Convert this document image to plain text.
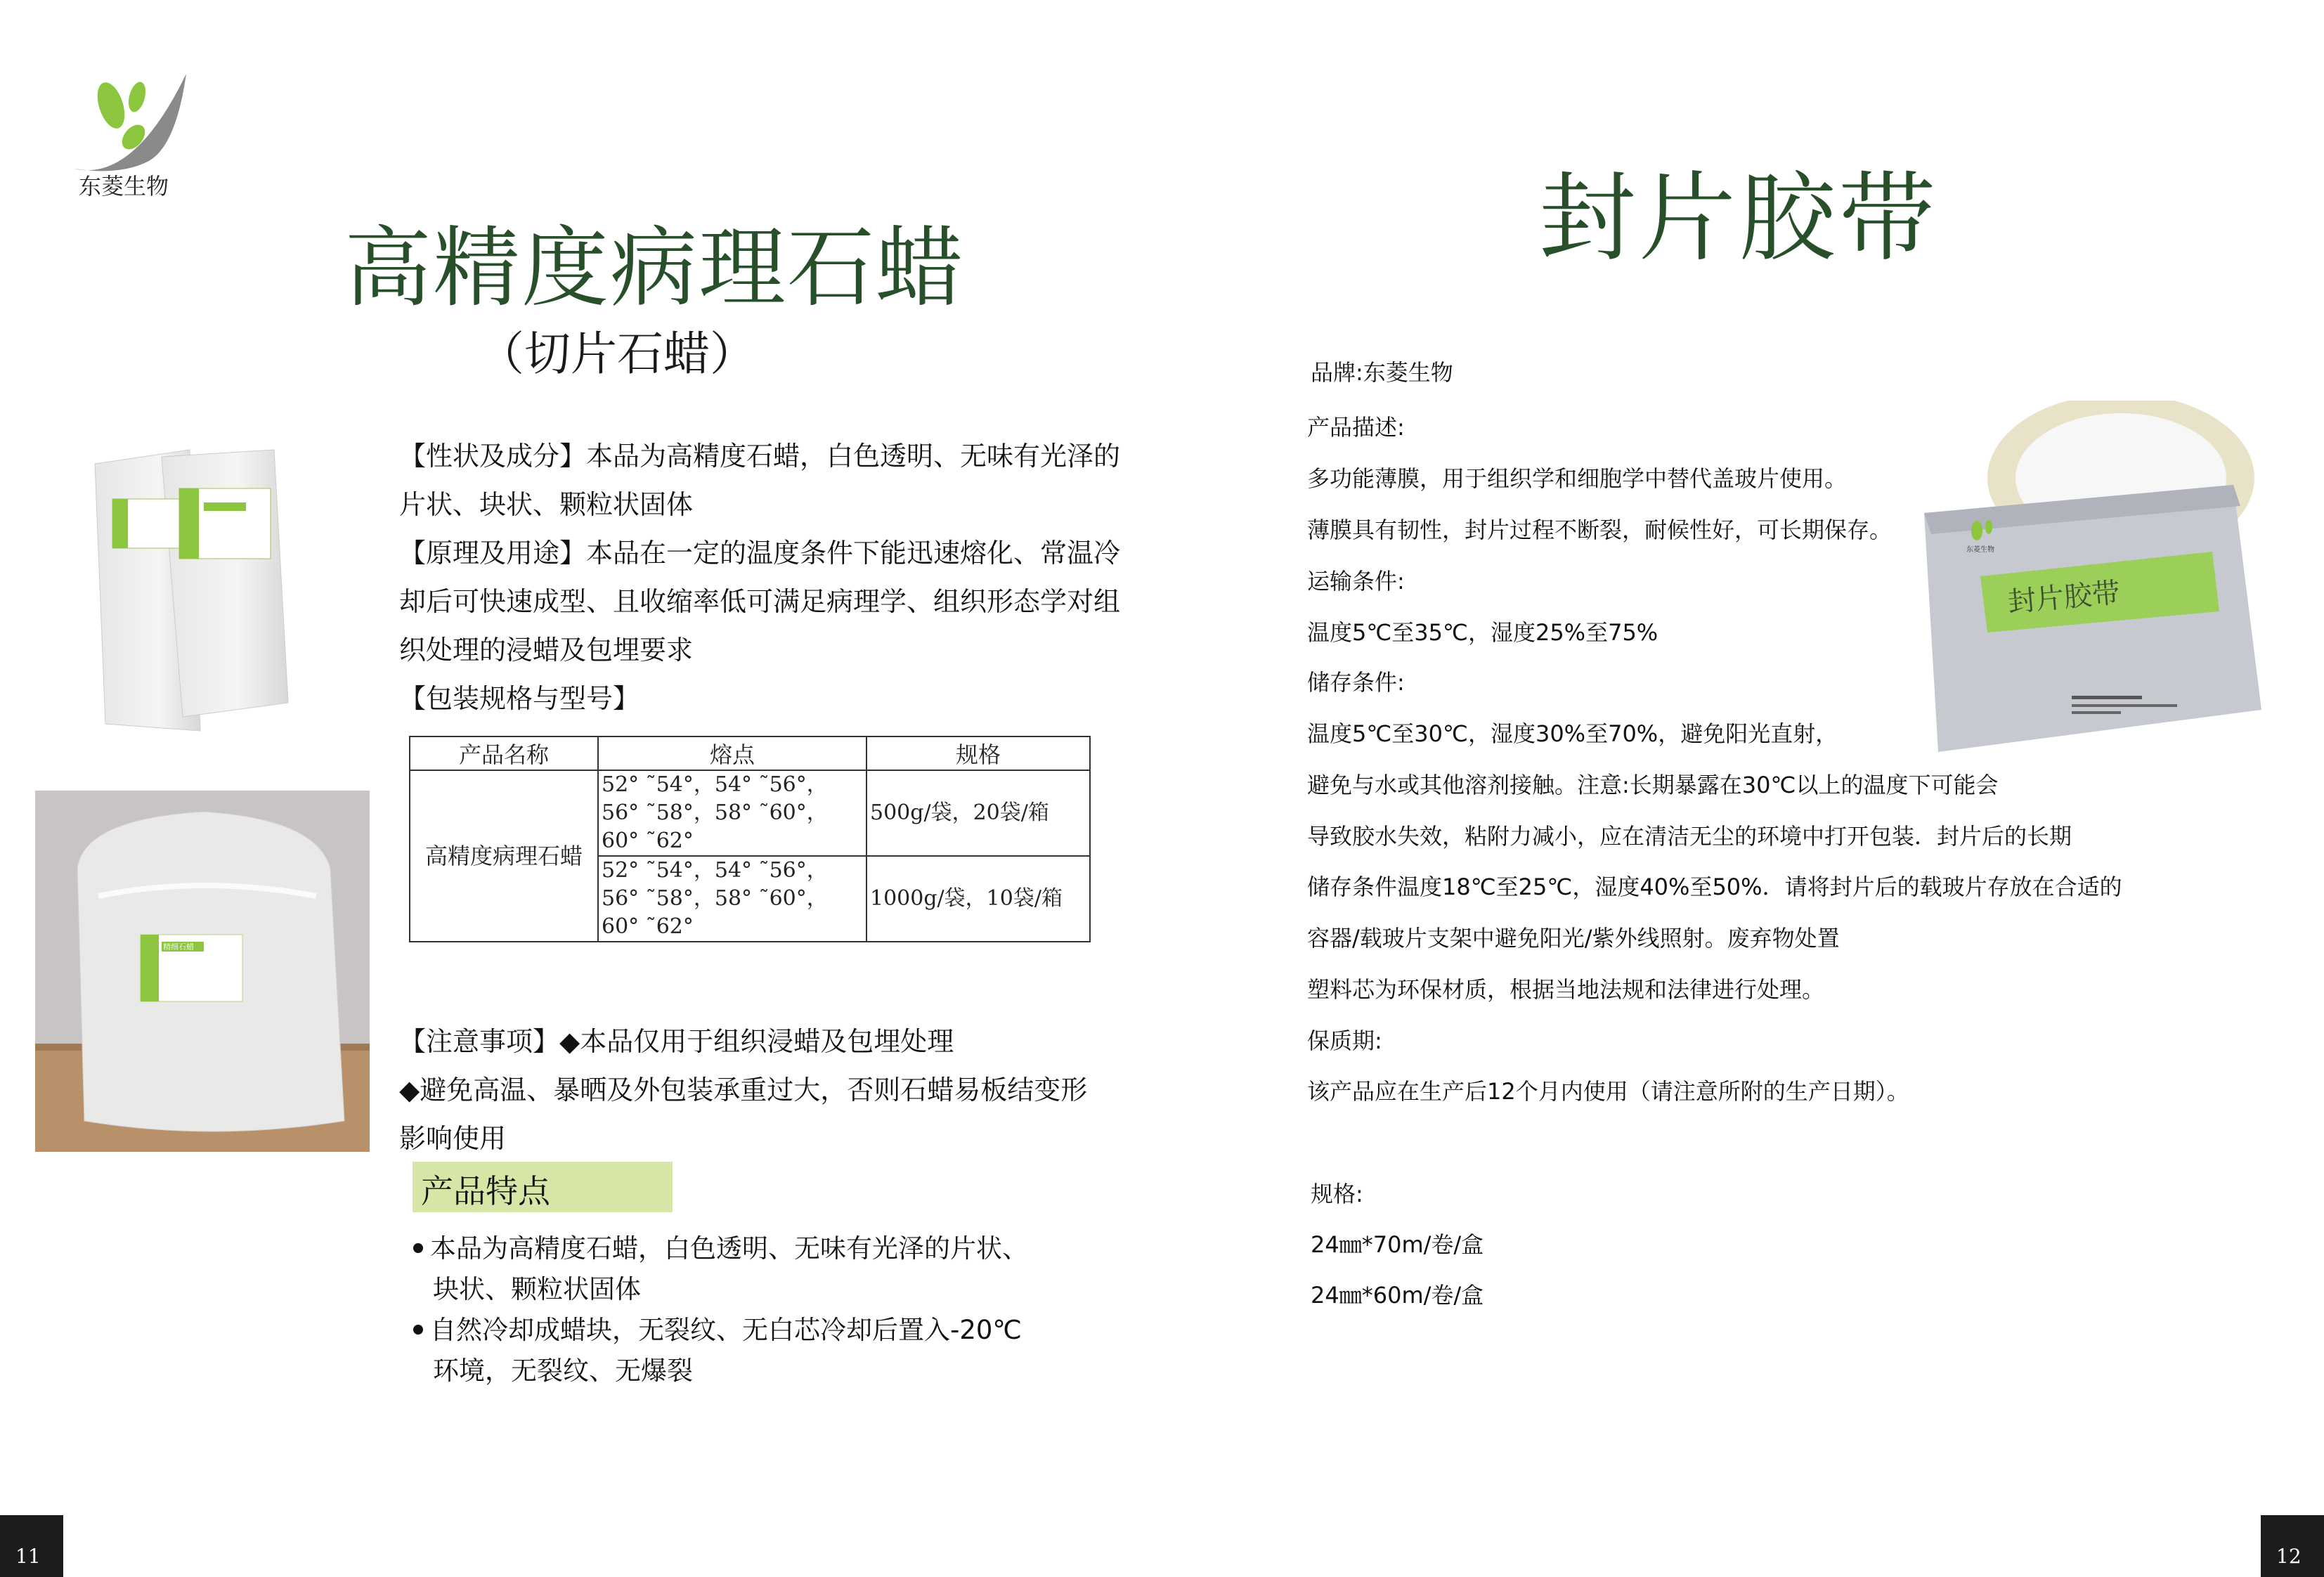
东菱生物
高精度病理石蜡
（切片石蜡）
精细石蜡
【性状及成分】本品为高精度石蜡，白色透明、无味有光泽的
片状、块状、颗粒状固体
【原理及用途】本品在一定的温度条件下能迅速熔化、常温冷
却后可快速成型、且收缩率低可满足病理学、组织形态学对组
织处理的浸蜡及包埋要求
【包装规格与型号】
产品名称	熔点	规格
高精度病理石蜡	52° ˜54°，54° ˜56°，
56° ˜58°，58° ˜60°，
60° ˜62°	500g/袋，20袋/箱

	52° ˜54°，54° ˜56°，
56° ˜58°，58° ˜60°，
60° ˜62°	1000g/袋，10袋/箱
【注意事项】◆本品仅用于组织浸蜡及包埋处理
◆避免高温、暴晒及外包装承重过大，否则石蜡易板结变形
影响使用
产品特点
本品为高精度石蜡，白色透明、无味有光泽的片状、
块状、颗粒状固体
自然冷却成蜡块，无裂纹、无白芯冷却后置入-20℃
环境，无裂纹、无爆裂
11
封片胶带
品牌:东菱生物
产品描述:
多功能薄膜，用于组织学和细胞学中替代盖玻片使用。
薄膜具有韧性，封片过程不断裂，耐候性好，可长期保存。
运输条件:
温度5℃至35℃，湿度25%至75%
储存条件:
温度5℃至30℃，湿度30%至70%，避免阳光直射，
避免与水或其他溶剂接触。注意:长期暴露在30℃以上的温度下可能会
导致胶水失效，粘附力减小，应在清洁无尘的环境中打开包装．封片后的长期
储存条件温度18℃至25℃，湿度40%至50%．请将封片后的载玻片存放在合适的
容器/载玻片支架中避免阳光/紫外线照射。废弃物处置
塑料芯为环保材质，根据当地法规和法律进行处理。
保质期:
该产品应在生产后12个月内使用（请注意所附的生产日期）。
规格:
24㎜*70m/卷/盒
24㎜*60m/卷/盒
封片胶带
东菱生物
12
